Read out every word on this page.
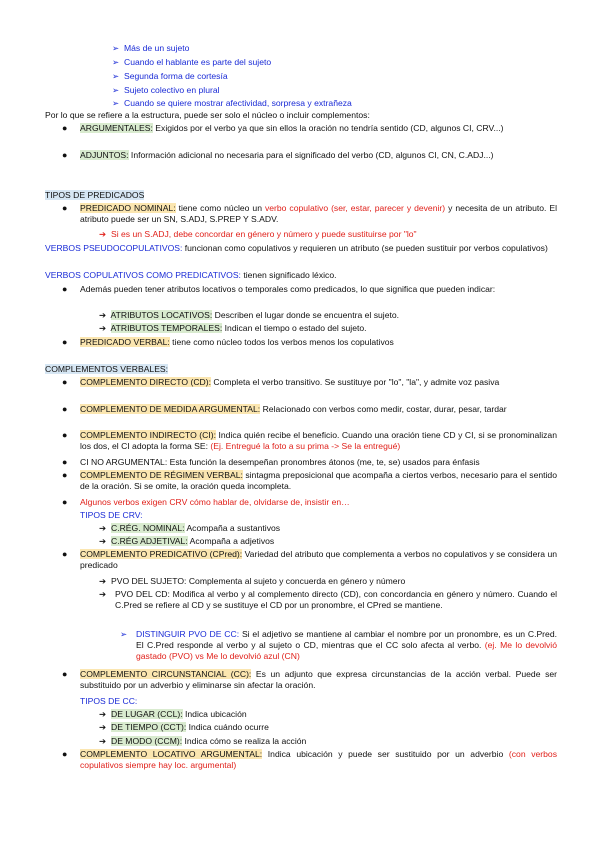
➢ Más de un sujeto
➢ Cuando el hablante es parte del sujeto
➢ Segunda forma de cortesía
➢ Sujeto colectivo en plural
➢ Cuando se quiere mostrar afectividad, sorpresa y extrañeza
Por lo que se refiere a la estructura, puede ser solo el núcleo o incluir complementos:
● ARGUMENTALES: Exigidos por el verbo ya que sin ellos la oración no tendría sentido (CD, algunos CI, CRV...)
● ADJUNTOS: Información adicional no necesaria para el significado del verbo (CD, algunos CI, CN, C.ADJ...)
TIPOS DE PREDICADOS
● PREDICADO NOMINAL: tiene como núcleo un verbo copulativo (ser, estar, parecer y devenir) y necesita de un atributo. El atributo puede ser un SN, S.ADJ, S.PREP Y S.ADV.
➔ Si es un S.ADJ, debe concordar en género y número y puede sustituirse por "lo"
VERBOS PSEUDOCOPULATIVOS: funcionan como copulativos y requieren un atributo (se pueden sustituir por verbos copulativos)
VERBOS COPULATIVOS COMO PREDICATIVOS: tienen significado léxico.
● Además pueden tener atributos locativos o temporales como predicados, lo que significa que pueden indicar:
➔ ATRIBUTOS LOCATIVOS: Describen el lugar donde se encuentra el sujeto.
➔ ATRIBUTOS TEMPORALES: Indican el tiempo o estado del sujeto.
● PREDICADO VERBAL: tiene como núcleo todos los verbos menos los copulativos
COMPLEMENTOS VERBALES:
● COMPLEMENTO DIRECTO (CD): Completa el verbo transitivo. Se sustituye por "lo", "la", y admite voz pasiva
● COMPLEMENTO DE MEDIDA ARGUMENTAL: Relacionado con verbos como medir, costar, durar, pesar, tardar
● COMPLEMENTO INDIRECTO (CI): Indica quién recibe el beneficio. Cuando una oración tiene CD y CI, si se pronominalizan los dos, el CI adopta la forma SE: (Ej. Entregué la foto a su prima -> Se la entregué)
● CI NO ARGUMENTAL: Esta función la desempeñan pronombres átonos (me, te, se) usados para énfasis
● COMPLEMENTO DE RÉGIMEN VERBAL: sintagma preposicional que acompaña a ciertos verbos, necesario para el sentido de la oración. Si se omite, la oración queda incompleta.
● Algunos verbos exigen CRV cómo hablar de, olvidarse de, insistir en…
TIPOS DE CRV:
➔ C.RÉG. NOMINAL: Acompaña a sustantivos
➔ C.RÉG ADJETIVAL: Acompaña a adjetivos
● COMPLEMENTO PREDICATIVO (CPred): Variedad del atributo que complementa a verbos no copulativos y se considera un predicado
➔ PVO DEL SUJETO: Complementa al sujeto y concuerda en género y número
➔ PVO DEL CD: Modifica al verbo y al complemento directo (CD), con concordancia en género y número. Cuando el C.Pred se refiere al CD y se sustituye el CD por un pronombre, el CPred se mantiene.
➢ DISTINGUIR PVO DE CC: Si el adjetivo se mantiene al cambiar el nombre por un pronombre, es un C.Pred. El C.Pred responde al verbo y al sujeto o CD, mientras que el CC solo afecta al verbo. (ej. Me lo devolvió gastado (PVO) vs Me lo devolvió azul (CN)
● COMPLEMENTO CIRCUNSTANCIAL (CC): Es un adjunto que expresa circunstancias de la acción verbal. Puede ser substituido por un adverbio y eliminarse sin afectar la oración.
TIPOS DE CC:
➔ DE LUGAR (CCL): Indica ubicación
➔ DE TIEMPO (CCT): Indica cuándo ocurre
➔ DE MODO (CCM): Indica cómo se realiza la acción
● COMPLEMENTO LOCATIVO ARGUMENTAL: Indica ubicación y puede ser sustituido por un adverbio (con verbos copulativos siempre hay loc. argumental)
